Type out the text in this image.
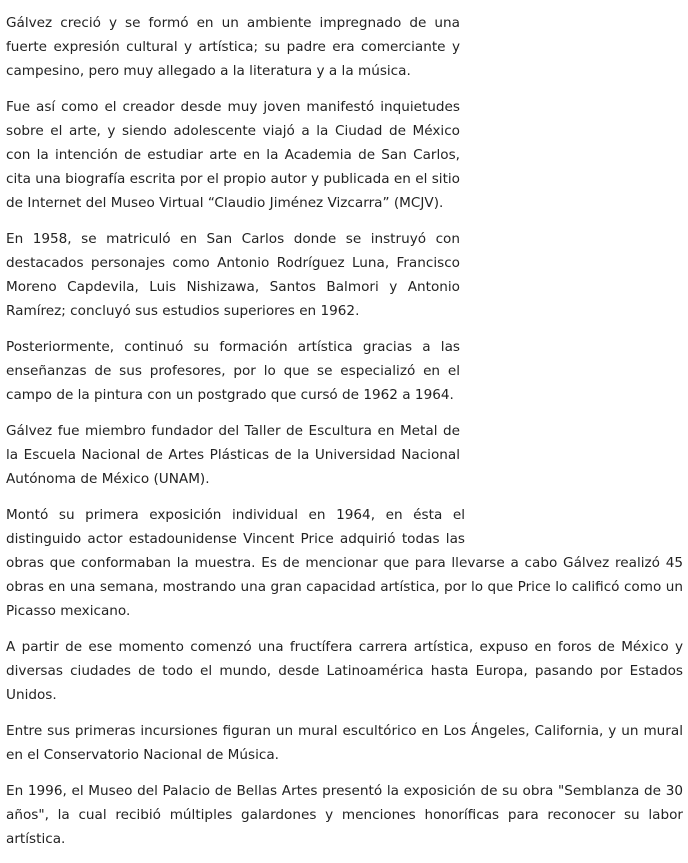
Gálvez creció y se formó en un ambiente impregnado de una fuerte expresión cultural y artística; su padre era comerciante y campesino, pero muy allegado a la literatura y a la música.

Fue así como el creador desde muy joven manifestó inquietudes sobre el arte, y siendo adolescente viajó a la Ciudad de México con la intención de estudiar arte en la Academia de San Carlos, cita una biografía escrita por el propio autor y publicada en el sitio de Internet del Museo Virtual “Claudio Jiménez Vizcarra” (MCJV).

En 1958, se matriculó en San Carlos donde se instruyó con destacados personajes como Antonio Rodríguez Luna, Francisco Moreno Capdevila, Luis Nishizawa, Santos Balmori y Antonio Ramírez; concluyó sus estudios superiores en 1962.

Posteriormente, continuó su formación artística gracias a las enseñanzas de sus profesores, por lo que se especializó en el campo de la pintura con un postgrado que cursó de 1962 a 1964.

Gálvez fue miembro fundador del Taller de Escultura en Metal de la Escuela Nacional de Artes Plásticas de la Universidad Nacional Autónoma de México (UNAM).

Montó su primera exposición individual en 1964, en ésta el distinguido actor estadounidense Vincent Price adquirió todas las obras que conformaban la muestra. Es de mencionar que para llevarse a cabo Gálvez realizó 45 obras en una semana, mostrando una gran capacidad artística, por lo que Price lo calificó como un Picasso mexicano.

A partir de ese momento comenzó una fructífera carrera artística, expuso en foros de México y diversas ciudades de todo el mundo, desde Latinoamérica hasta Europa, pasando por Estados Unidos.

Entre sus primeras incursiones figuran un mural escultórico en Los Ángeles, California, y un mural en el Conservatorio Nacional de Música.

En 1996, el Museo del Palacio de Bellas Artes presentó la exposición de su obra "Semblanza de 30 años", la cual recibió múltiples galardones y menciones honoríficas para reconocer su labor artística.
